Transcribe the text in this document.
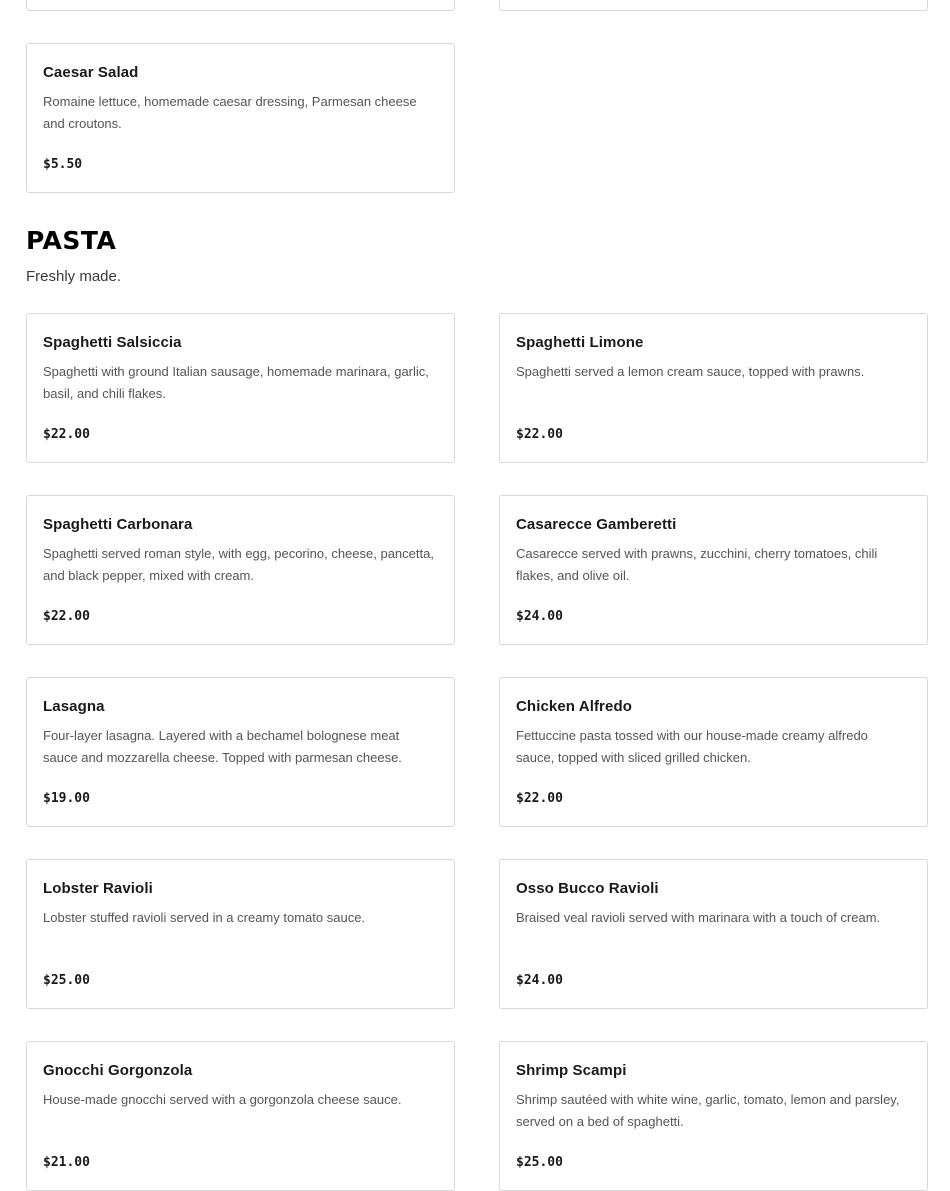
Caesar Salad
Romaine lettuce, homemade caesar dressing, Parmesan cheese and croutons.
$5.50
PASTA
Freshly made.
Spaghetti Salsiccia
Spaghetti with ground Italian sausage, homemade marinara, garlic, basil, and chili flakes.
$22.00
Spaghetti Limone
Spaghetti served a lemon cream sauce, topped with prawns.
$22.00
Spaghetti Carbonara
Spaghetti served roman style, with egg, pecorino, cheese, pancetta, and black pepper, mixed with cream.
$22.00
Casarecce Gamberetti
Casarecce served with prawns, zucchini, cherry tomatoes, chili flakes, and olive oil.
$24.00
Lasagna
Four-layer lasagna. Layered with a bechamel bolognese meat sauce and mozzarella cheese. Topped with parmesan cheese.
$19.00
Chicken Alfredo
Fettuccine pasta tossed with our house-made creamy alfredo sauce, topped with sliced grilled chicken.
$22.00
Lobster Ravioli
Lobster stuffed ravioli served in a creamy tomato sauce.
$25.00
Osso Bucco Ravioli
Braised veal ravioli served with marinara with a touch of cream.
$24.00
Gnocchi Gorgonzola
House-made gnocchi served with a gorgonzola cheese sauce.
$21.00
Shrimp Scampi
Shrimp sautéed with white wine, garlic, tomato, lemon and parsley, served on a bed of spaghetti.
$25.00
